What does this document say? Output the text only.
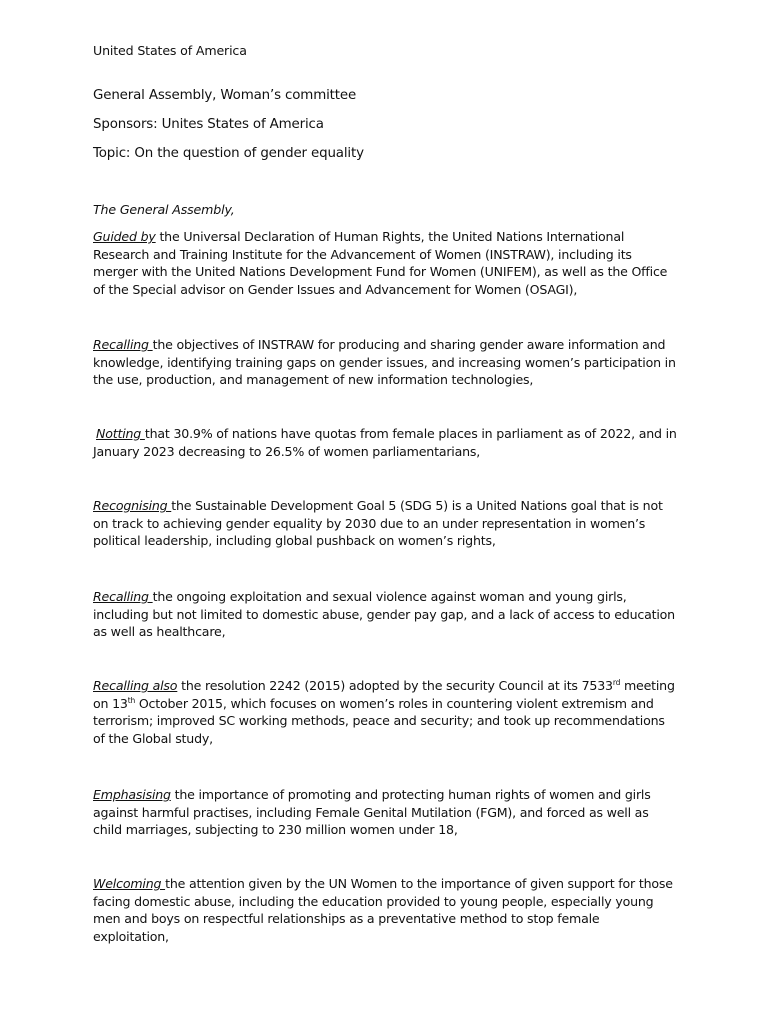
United States of America
General Assembly, Woman’s committee
Sponsors: Unites States of America
Topic: On the question of gender equality
The General Assembly,
Guided by the Universal Declaration of Human Rights, the United Nations International Research and Training Institute for the Advancement of Women (INSTRAW), including its merger with the United Nations Development Fund for Women (UNIFEM), as well as the Office of the Special advisor on Gender Issues and Advancement for Women (OSAGI),
Recalling the objectives of INSTRAW for producing and sharing gender aware information and knowledge, identifying training gaps on gender issues, and increasing women’s participation in the use, production, and management of new information technologies,
Notting that 30.9% of nations have quotas from female places in parliament as of 2022, and in January 2023 decreasing to 26.5% of women parliamentarians,
Recognising the Sustainable Development Goal 5 (SDG 5) is a United Nations goal that is not on track to achieving gender equality by 2030 due to an under representation in women’s political leadership, including global pushback on women’s rights,
Recalling the ongoing exploitation and sexual violence against woman and young girls, including but not limited to domestic abuse, gender pay gap, and a lack of access to education as well as healthcare,
Recalling also the resolution 2242 (2015) adopted by the security Council at its 7533rd meeting on 13th October 2015, which focuses on women’s roles in countering violent extremism and terrorism; improved SC working methods, peace and security; and took up recommendations of the Global study,
Emphasising the importance of promoting and protecting human rights of women and girls against harmful practises, including Female Genital Mutilation (FGM), and forced as well as child marriages, subjecting to 230 million women under 18,
Welcoming the attention given by the UN Women to the importance of given support for those facing domestic abuse, including the education provided to young people, especially young men and boys on respectful relationships as a preventative method to stop female exploitation,
